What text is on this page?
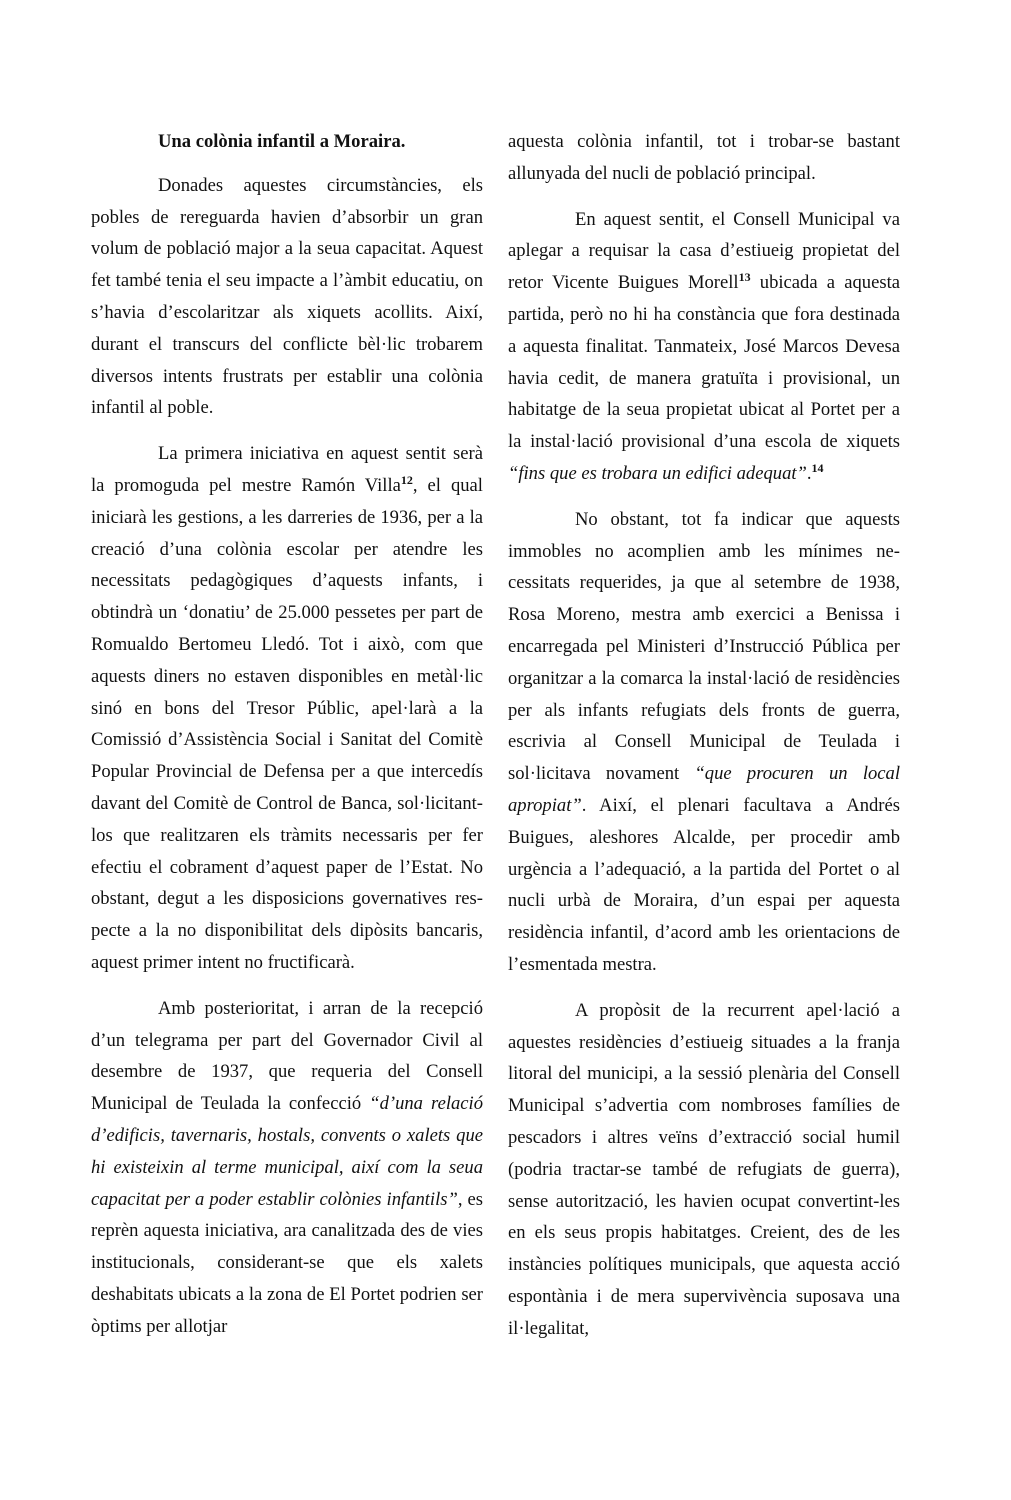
Una colònia infantil a Moraira.

Donades aquestes circumstàncies, els pobles de rereguarda havien d’absorbir un gran volum de població major a la seua capacitat. Aquest fet també tenia el seu impacte a l’àmbit educatiu, on s’havia d’escolaritzar als xiquets acollits. Així, durant el transcurs del conflicte bèl·lic trobarem diversos intents frustrats per establir una colònia infantil al poble.

La primera iniciativa en aquest sentit serà la promoguda pel mestre Ramón Villa$^{12}$, el qual iniciarà les gestions, a les darreries de 1936, per a la creació d’una colònia escolar per atendre les necessitats pedagògiques d’aquests infants, i obtindrà un ‘donatiu’ de 25.000 pessetes per part de Romualdo Bertomeu Lledó. Tot i això, com que aquests diners no estaven disponibles en metàl·lic sinó en bons del Tresor Públic, apel·larà a la Comissió d’Assistència Social i Sanitat del Comitè Popular Provincial de Defensa per a que intercedís davant del Comitè de Control de Banca, sol·licitant-los que realitzaren els tràmits necessaris per fer efectiu el cobrament d’aquest paper de l’Estat. No obstant, degut a les disposicions governatives respecte a la no disponibilitat dels dipòsits bancaris, aquest primer intent no fructificarà.

Amb posterioritat, i arran de la recepció d’un telegrama per part del Governador Civil al desembre de 1937, que requeria del Consell Municipal de Teulada la confecció “d’una relació d’edificis, tavernaris, hostals, convents o xalets que hi existeixin al terme municipal, així com la seua capacitat per a poder establir colònies infantils”, es reprèn aquesta iniciativa, ara canalitzada des de vies institucionals, considerant-se que els xalets deshabitats ubicats a la zona de El Portet podrien ser òptims per allotjar

aquesta colònia infantil, tot i trobar-se bastant allunyada del nucli de població principal.

En aquest sentit, el Consell Municipal va aplegar a requisar la casa d’estiueig propietat del retor Vicente Buigues Morell$^{13}$ ubicada a aquesta partida, però no hi ha constància que fora destinada a aquesta finalitat. Tanmateix, José Marcos Devesa havia cedit, de manera gratuïta i provisional, un habitatge de la seua propietat ubicat al Portet per a la instal·lació provisional d’una escola de xiquets “fins que es trobara un edifici adequat”.$^{14}$

No obstant, tot fa indicar que aquests immobles no acomplien amb les mínimes necessitats requerides, ja que al setembre de 1938, Rosa Moreno, mestra amb exercici a Benissa i encarregada pel Ministeri d’Instrucció Pública per organitzar a la comarca la instal·lació de residències per als infants refugiats dels fronts de guerra, escrivia al Consell Municipal de Teulada i sol·licitava novament “que procuren un local apropiat”. Així, el plenari facultava a Andrés Buigues, aleshores Alcalde, per procedir amb urgència a l’adequació, a la partida del Portet o al nucli urbà de Moraira, d’un espai per aquesta residència infantil, d’acord amb les orientacions de l’esmentada mestra.

A propòsit de la recurrent apel·lació a aquestes residències d’estiueig situades a la franja litoral del municipi, a la sessió plenària del Consell Municipal s’advertia com nombroses famílies de pescadors i altres veïns d’extracció social humil (podria tractar-se també de refugiats de guerra), sense autorització, les havien ocupat convertint-les en els seus propis habitatges. Creient, des de les instàncies polítiques municipals, que aquesta acció espontània i de mera supervivència suposava una il·legalitat,
